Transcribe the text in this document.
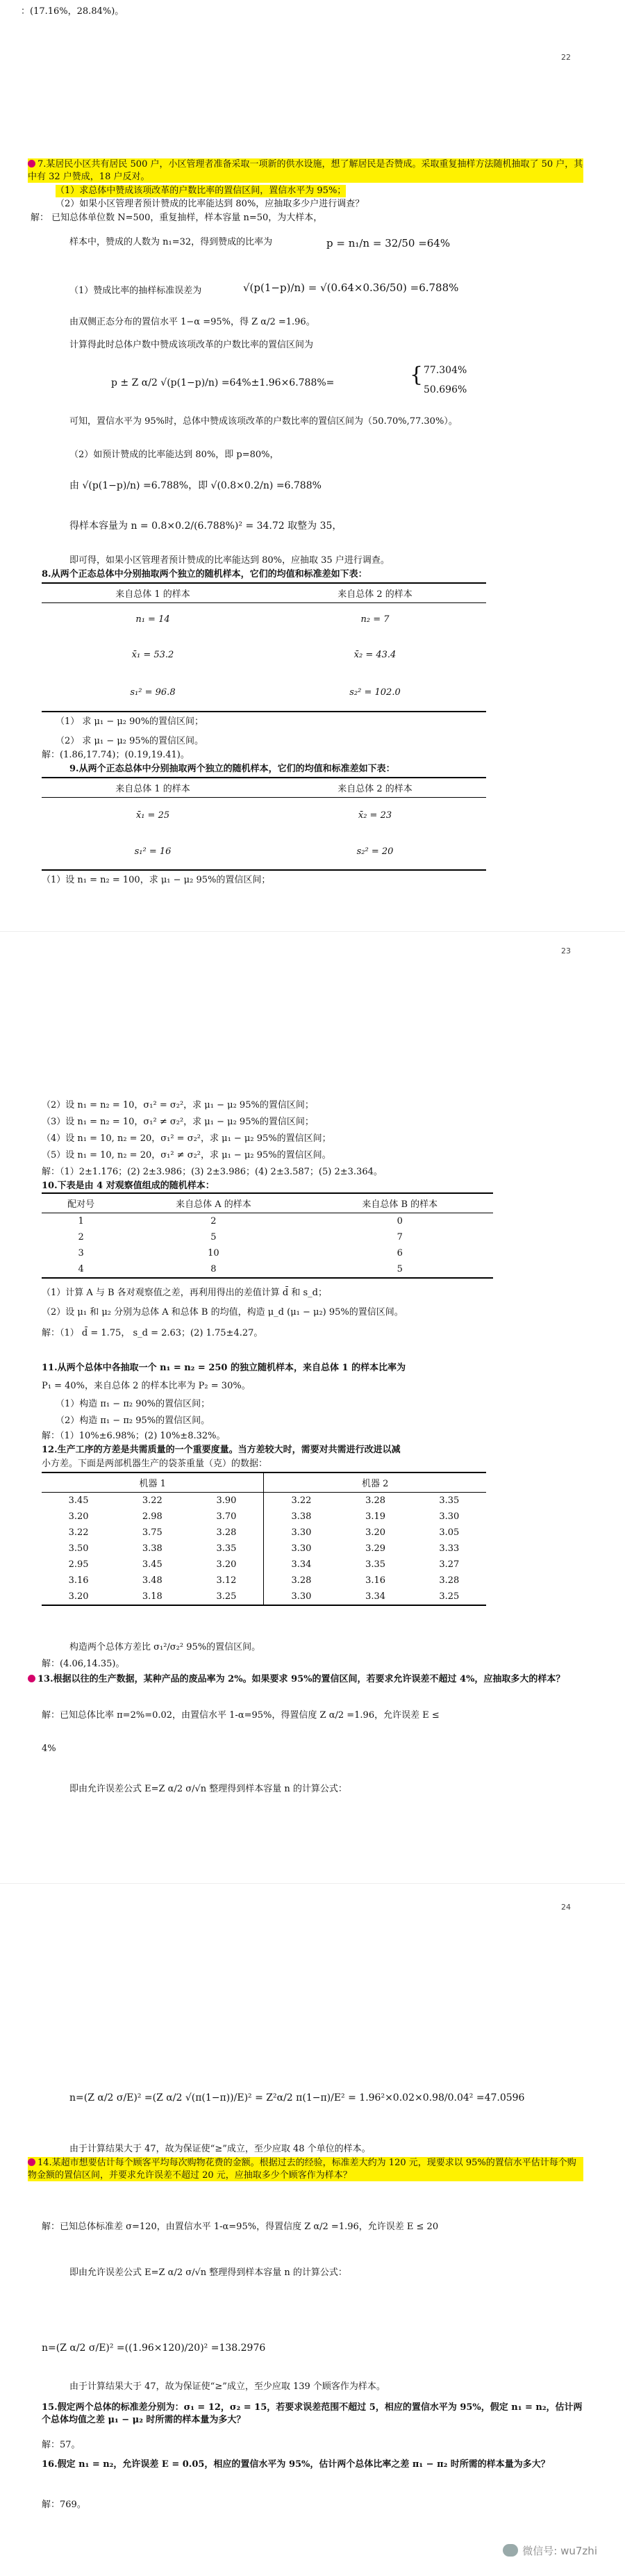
：(17.16%，28.84%)。
22
7.某居民小区共有居民 500 户，小区管理者准备采取一项新的供水设施，想了解居民是否赞成。采取重复抽样方法随机抽取了 50 户，其中有 32 户赞成，18 户反对。
（1）求总体中赞成该项改革的户数比率的置信区间，置信水平为 95%；
（2）如果小区管理者预计赞成的比率能达到 80%，应抽取多少户进行调查？
解： 已知总体单位数 N=500，重复抽样，样本容量 n=50，为大样本，
样本中，赞成的人数为 n₁=32，得到赞成的比率为	p = n₁/n = 32/50 =64%
（1）赞成比率的抽样标准误差为	√(p(1−p)/n) = √(0.64×0.36/50) =6.788%
由双侧正态分布的置信水平 1−α =95%，得 Z α/2 =1.96。
计算得此时总体户数中赞成该项改革的户数比率的置信区间为
p ± Z α/2 √(p(1−p)/n) =64%±1.96×6.788%=	{ 77.304%
50.696%
可知，置信水平为 95%时，总体中赞成该项改革的户数比率的置信区间为（50.70%,77.30%）。
（2）如预计赞成的比率能达到 80%，即 p=80%，
由 √(p(1−p)/n) =6.788%，即 √(0.8×0.2/n) =6.788%
得样本容量为 n = 0.8×0.2/(6.788%)² = 34.72 取整为 35，
即可得，如果小区管理者预计赞成的比率能达到 80%，应抽取 35 户进行调查。
8.从两个正态总体中分别抽取两个独立的随机样本，它们的均值和标准差如下表：
来自总体 1 的样本	来自总体 2 的样本
n₁ = 14	n₂ = 7
x̄₁ = 53.2	x̄₂ = 43.4
s₁² = 96.8	s₂² = 102.0
（1） 求 μ₁ − μ₂ 90%的置信区间；
（2） 求 μ₁ − μ₂ 95%的置信区间。
解：(1.86,17.74)；(0.19,19.41)。
9.从两个正态总体中分别抽取两个独立的随机样本，它们的均值和标准差如下表：
来自总体 1 的样本	来自总体 2 的样本
x̄₁ = 25	x̄₂ = 23
s₁² = 16	s₂² = 20
（1）设 n₁ = n₂ = 100，求 μ₁ − μ₂ 95%的置信区间；
23
（2）设 n₁ = n₂ = 10，σ₁² = σ₂²，求 μ₁ − μ₂ 95%的置信区间；
（3）设 n₁ = n₂ = 10，σ₁² ≠ σ₂²，求 μ₁ − μ₂ 95%的置信区间；
（4）设 n₁ = 10, n₂ = 20，σ₁² = σ₂²，求 μ₁ − μ₂ 95%的置信区间；
（5）设 n₁ = 10, n₂ = 20，σ₁² ≠ σ₂²，求 μ₁ − μ₂ 95%的置信区间。
解：（1）2±1.176；(2) 2±3.986；(3) 2±3.986；(4) 2±3.587；(5) 2±3.364。
10.下表是由 4 对观察值组成的随机样本：
配对号	来自总体 A 的样本	来自总体 B 的样本
1	2	0
2	5	7
3	10	6
4	8	5
（1）计算 A 与 B 各对观察值之差，再利用得出的差值计算 d̄ 和 s_d；
（2）设 μ₁ 和 μ₂ 分别为总体 A 和总体 B 的均值，构造 μ_d (μ₁ − μ₂) 95%的置信区间。
解：（1） d̄ = 1.75， s_d = 2.63；(2) 1.75±4.27。
11.从两个总体中各抽取一个 n₁ = n₂ = 250 的独立随机样本，来自总体 1 的样本比率为
P₁ = 40%，来自总体 2 的样本比率为 P₂ = 30%。
（1）构造 π₁ − π₂ 90%的置信区间；
（2）构造 π₁ − π₂ 95%的置信区间。
解：（1）10%±6.98%；(2) 10%±8.32%。
12.生产工序的方差是共需质量的一个重要度量。当方差较大时，需要对共需进行改进以减
小方差。下面是两部机器生产的袋茶重量（克）的数据：
机器 1			机器 2		
3.45	3.22	3.90	3.22	3.28	3.35
3.20	2.98	3.70	3.38	3.19	3.30
3.22	3.75	3.28	3.30	3.20	3.05
3.50	3.38	3.35	3.30	3.29	3.33
2.95	3.45	3.20	3.34	3.35	3.27
3.16	3.48	3.12	3.28	3.16	3.28
3.20	3.18	3.25	3.30	3.34	3.25
构造两个总体方差比 σ₁²/σ₂² 95%的置信区间。
解：(4.06,14.35)。
13.根据以往的生产数据，某种产品的废品率为 2%。如果要求 95%的置信区间，若要求允许误差不超过 4%，应抽取多大的样本？
解：已知总体比率 π=2%=0.02，由置信水平 1-α=95%，得置信度 Z α/2 =1.96，允许误差 E ≤
4%
即由允许误差公式 E=Z α/2 σ/√n 整理得到样本容量 n 的计算公式：
24
n=(Z α/2 σ/E)² =(Z α/2 √(π(1−π))/E)² = Z²α/2 π(1−π)/E² = 1.96²×0.02×0.98/0.04² =47.0596
由于计算结果大于 47，故为保证使“≥”成立，至少应取 48 个单位的样本。
14.某超市想要估计每个顾客平均每次购物花费的金额。根据过去的经验，标准差大约为 120 元，现要求以 95%的置信水平估计每个购物金额的置信区间，并要求允许误差不超过 20 元，应抽取多少个顾客作为样本？
解：已知总体标准差 σ=120，由置信水平 1-α=95%，得置信度 Z α/2 =1.96，允许误差 E ≤ 20
即由允许误差公式 E=Z α/2 σ/√n 整理得到样本容量 n 的计算公式：
n=(Z α/2 σ/E)² =((1.96×120)/20)² =138.2976
由于计算结果大于 47，故为保证使“≥”成立，至少应取 139 个顾客作为样本。
15.假定两个总体的标准差分别为：σ₁ = 12，σ₂ = 15，若要求误差范围不超过 5，相应的置信水平为 95%，假定 n₁ = n₂，估计两个总体均值之差 μ₁ − μ₂ 时所需的样本量为多大？
解：57。
16.假定 n₁ = n₂，允许误差 E = 0.05，相应的置信水平为 95%，估计两个总体比率之差 π₁ − π₂ 时所需的样本量为多大？
解：769。
微信号: wu7zhi
